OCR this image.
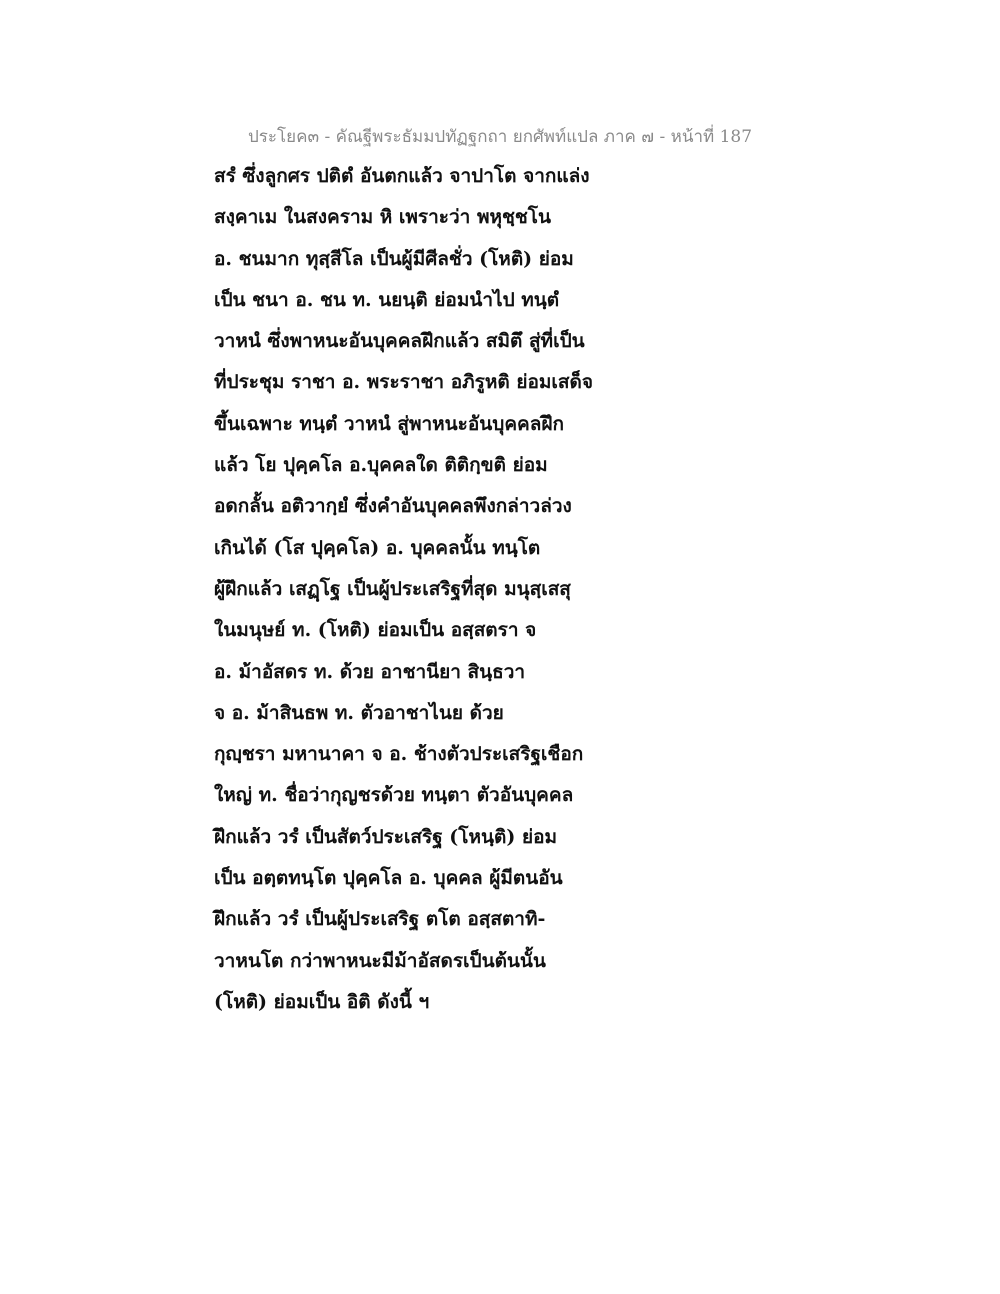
ประโยค๓ - คัณฐีพระธัมมปทัฏฐกถา ยกศัพท์แปล ภาค ๗ - หน้าที่ 187
สรํ ซึ่งลูกศร ปติตํ อันตกแล้ว จาปาโต จากแล่ง
สงฺคาเม ในสงคราม หิ เพราะว่า พหุชฺชโน
อ. ชนมาก ทุสฺสีโล เป็นผู้มีศีลชั่ว (โหติ) ย่อม
เป็น ชนา อ. ชน ท. นยนฺติ ย่อมนำไป ทนฺตํ
วาหนํ ซึ่งพาหนะอันบุคคลฝึกแล้ว สมิตึ สู่ที่เป็น
ที่ประชุม ราชา อ. พระราชา อภิรูหติ ย่อมเสด็จ
ขึ้นเฉพาะ ทนฺตํ วาหนํ สู่พาหนะอันบุคคลฝึก
แล้ว โย ปุคฺคโล อ.บุคคลใด ติติกฺขติ ย่อม
อดกลั้น อติวากฺยํ ซึ่งคำอันบุคคลพึงกล่าวล่วง
เกินได้ (โส ปุคฺคโล) อ. บุคคลนั้น ทนฺโต
ผู้ฝึกแล้ว เสฏฺโฐ เป็นผู้ประเสริฐที่สุด มนุสฺเสสุ
ในมนุษย์ ท. (โหติ) ย่อมเป็น อสฺสตรา จ
อ. ม้าอัสดร ท. ด้วย อาชานียา สินฺธวา
จ อ. ม้าสินธพ ท. ตัวอาชาไนย ด้วย
กุญฺชรา มหานาคา จ อ. ช้างตัวประเสริฐเชือก
ใหญ่ ท. ชื่อว่ากุญชรด้วย ทนฺตา ตัวอันบุคคล
ฝึกแล้ว วรํ เป็นสัตว์ประเสริฐ (โหนฺติ) ย่อม
เป็น อตฺตทนฺโต ปุคฺคโล อ. บุคคล ผู้มีตนอัน
ฝึกแล้ว วรํ เป็นผู้ประเสริฐ ตโต อสฺสตาทิ-
วาหนโต กว่าพาหนะมีม้าอัสดรเป็นต้นนั้น
(โหติ) ย่อมเป็น อิติ ดังนี้ ฯ
